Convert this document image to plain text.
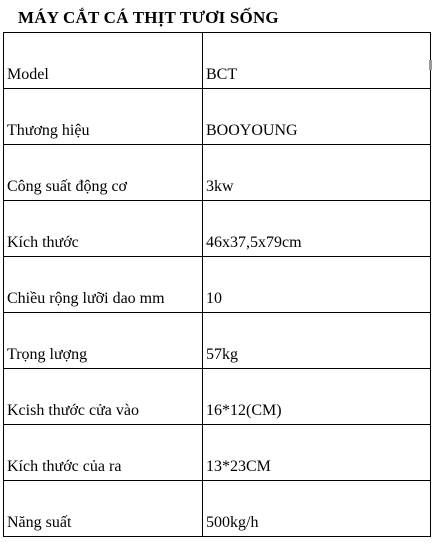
MÁY CẮT CÁ THỊT TƯƠI SỐNG
Model	BCT
Thương hiệu	BOOYOUNG
Công suất động cơ	3kw
Kích thước	46x37,5x79cm
Chiều rộng lưỡi dao mm	10
Trọng lượng	57kg
Kcish thước cửa vào	16*12(CM)
Kích thước của ra	13*23CM
Năng suất	500kg/h
